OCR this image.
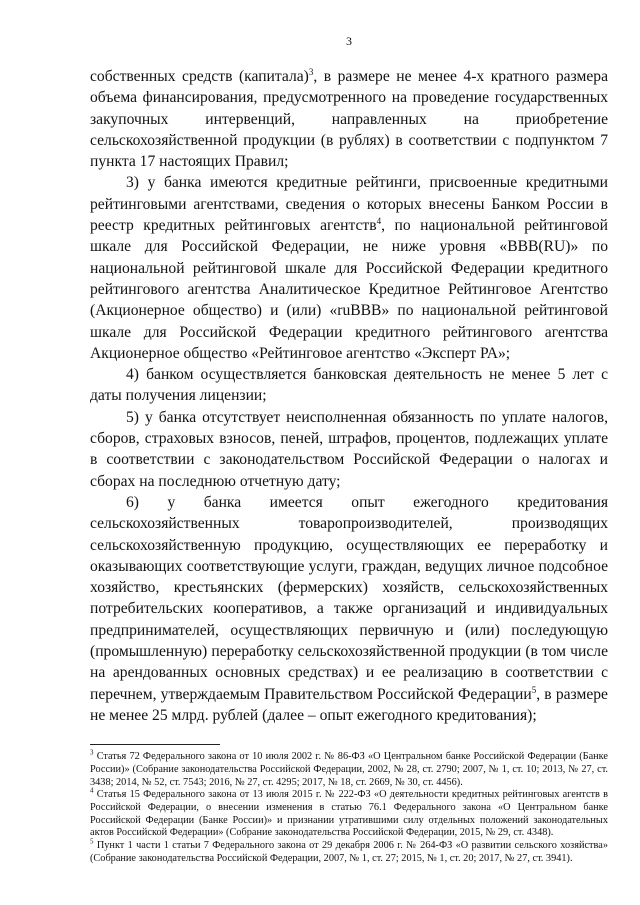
3

собственных средств (капитала)$^3$, в размере не менее 4-х кратного размера объема финансирования, предусмотренного на проведение государственных закупочных интервенций, направленных на приобретение сельскохозяйственной продукции (в рублях) в соответствии с подпунктом 7 пункта 17 настоящих Правил;

3) у банка имеются кредитные рейтинги, присвоенные кредитными рейтинговыми агентствами, сведения о которых внесены Банком России в реестр кредитных рейтинговых агентств$^4$, по национальной рейтинговой шкале для Российской Федерации, не ниже уровня «BBB(RU)» по национальной рейтинговой шкале для Российской Федерации кредитного рейтингового агентства Аналитическое Кредитное Рейтинговое Агентство (Акционерное общество) и (или) «ruBBB» по национальной рейтинговой шкале для Российской Федерации кредитного рейтингового агентства Акционерное общество «Рейтинговое агентство «Эксперт РА»;

4) банком осуществляется банковская деятельность не менее 5 лет с даты получения лицензии;

5) у банка отсутствует неисполненная обязанность по уплате налогов, сборов, страховых взносов, пеней, штрафов, процентов, подлежащих уплате в соответствии с законодательством Российской Федерации о налогах и сборах на последнюю отчетную дату;

6) у банка имеется опыт ежегодного кредитования сельскохозяйственных товаропроизводителей, производящих сельскохозяйственную продукцию, осуществляющих ее переработку и оказывающих соответствующие услуги, граждан, ведущих личное подсобное хозяйство, крестьянских (фермерских) хозяйств, сельскохозяйственных потребительских кооперативов, а также организаций и индивидуальных предпринимателей, осуществляющих первичную и (или) последующую (промышленную) переработку сельскохозяйственной продукции (в том числе на арендованных основных средствах) и ее реализацию в соответствии с перечнем, утверждаемым Правительством Российской Федерации$^5$, в размере не менее 25 млрд. рублей (далее – опыт ежегодного кредитования);

$^3$ Статья 72 Федерального закона от 10 июля 2002 г. № 86-ФЗ «О Центральном банке Российской Федерации (Банке России)» (Собрание законодательства Российской Федерации, 2002, № 28, ст. 2790; 2007, № 1, ст. 10; 2013, № 27, ст. 3438; 2014, № 52, ст. 7543; 2016, № 27, ст. 4295; 2017, № 18, ст. 2669, № 30, ст. 4456).

$^4$ Статья 15 Федерального закона от 13 июля 2015 г. № 222-ФЗ «О деятельности кредитных рейтинговых агентств в Российской Федерации, о внесении изменения в статью 76.1 Федерального закона «О Центральном банке Российской Федерации (Банке России)» и признании утратившими силу отдельных положений законодательных актов Российской Федерации» (Собрание законодательства Российской Федерации, 2015, № 29, ст. 4348).

$^5$ Пункт 1 части 1 статьи 7 Федерального закона от 29 декабря 2006 г. № 264-ФЗ «О развитии сельского хозяйства» (Собрание законодательства Российской Федерации, 2007, № 1, ст. 27; 2015, № 1, ст. 20; 2017, № 27, ст. 3941).
